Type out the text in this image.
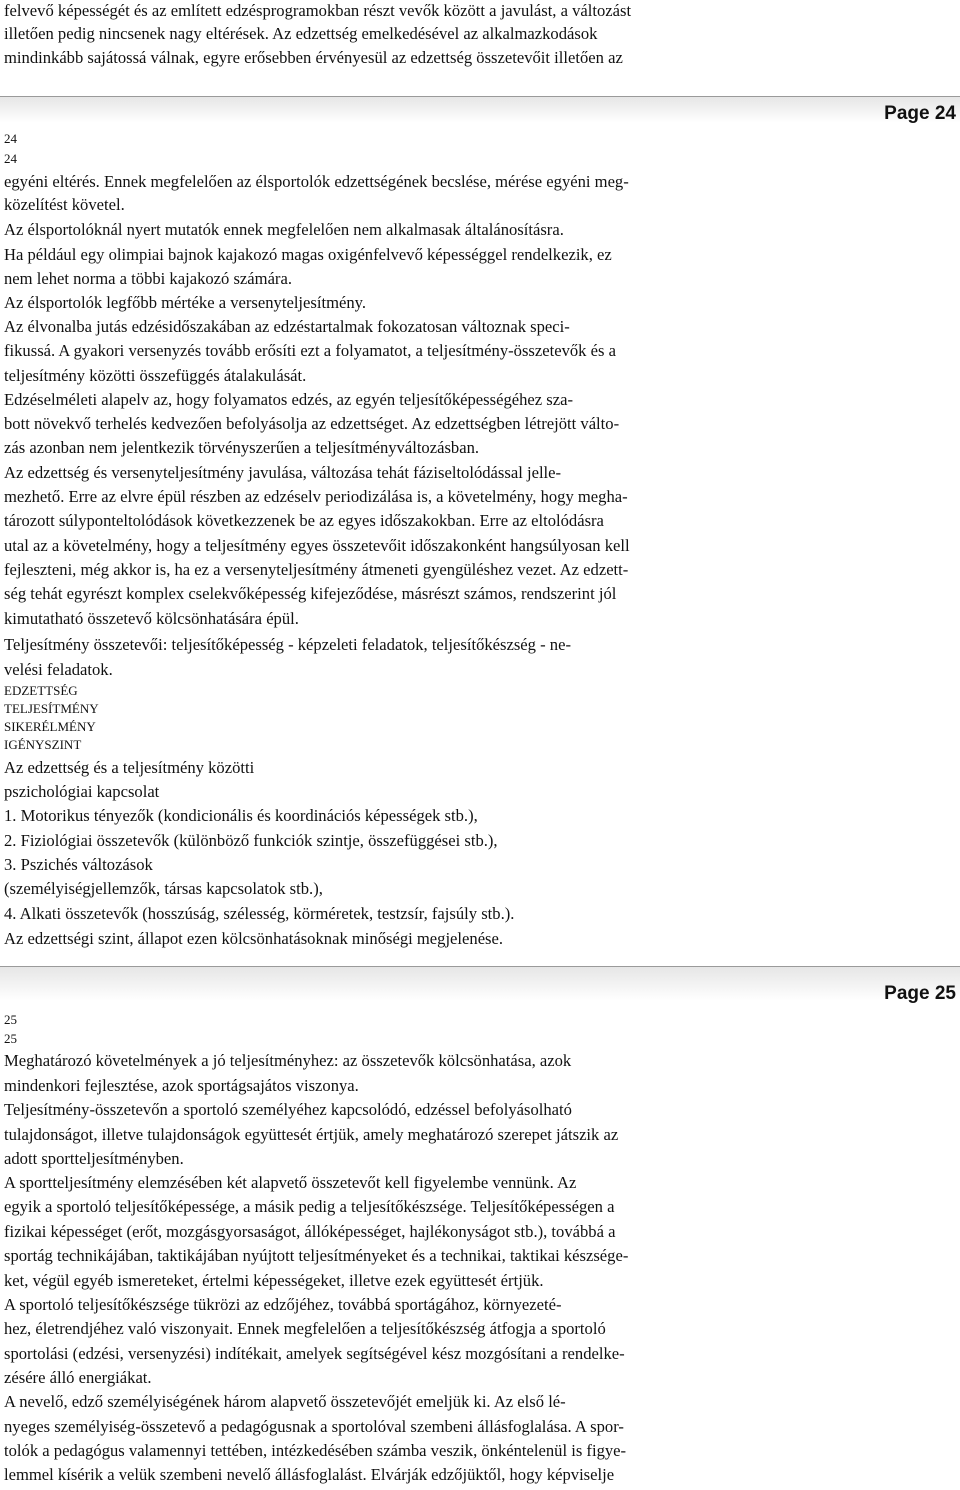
felvevő képességét és az említett edzésprogramokban részt vevők között a javulást, a változást

illetően pedig nincsenek nagy eltérések. Az edzettség emelkedésével az alkalmazkodások

mindinkább sajátossá válnak, egyre erősebben érvényesül az edzettség összetevőit illetően az

Page 24

24

24

egyéni eltérés. Ennek megfelelően az élsportolók edzettségének becslése, mérése egyéni meg-

közelítést követel.

Az élsportolóknál nyert mutatók ennek megfelelően nem alkalmasak általánosításra.

Ha például egy olimpiai bajnok kajakozó magas oxigénfelvevő képességgel rendelkezik, ez

nem lehet norma a többi kajakozó számára.

Az élsportolók legfőbb mértéke a versenyteljesítmény.

Az élvonalba jutás edzésidőszakában az edzéstartalmak fokozatosan változnak speci-

fikussá. A gyakori versenyzés tovább erősíti ezt a folyamatot, a teljesítmény-összetevők és a

teljesítmény közötti összefüggés átalakulását.

Edzéselméleti alapelv az, hogy folyamatos edzés, az egyén teljesítőképességéhez sza-

bott növekvő terhelés kedvezően befolyásolja az edzettséget. Az edzettségben létrejött válto-

zás azonban nem jelentkezik törvényszerűen a teljesítményváltozásban.

Az edzettség és versenyteljesítmény javulása, változása tehát fáziseltolódással jelle-

mezhető. Erre az elvre épül részben az edzéselv periodizálása is, a követelmény, hogy megha-

tározott súlyponteltolódások következzenek be az egyes időszakokban. Erre az eltolódásra

utal az a követelmény, hogy a teljesítmény egyes összetevőit időszakonként hangsúlyosan kell

fejleszteni, még akkor is, ha ez a versenyteljesítmény átmeneti gyengüléshez vezet. Az edzett-

ség tehát egyrészt komplex cselekvőképesség kifejeződése, másrészt számos, rendszerint jól

kimutatható összetevő kölcsönhatására épül.

Teljesítmény összetevői: teljesítőképesség - képzeleti feladatok, teljesítőkészség - ne-

velési feladatok.

EDZETTSÉG

TELJESÍTMÉNY

SIKERÉLMÉNY

IGÉNYSZINT

Az edzettség és a teljesítmény közötti

pszichológiai kapcsolat

1. Motorikus tényezők (kondicionális és koordinációs képességek stb.),

2. Fiziológiai összetevők (különböző funkciók szintje, összefüggései stb.),

3. Pszichés változások

(személyiségjellemzők, társas kapcsolatok stb.),

4. Alkati összetevők (hosszúság, szélesség, körméretek, testzsír, fajsúly stb.).

Az edzettségi szint, állapot ezen kölcsönhatásoknak minőségi megjelenése.

Page 25

25

25

Meghatározó követelmények a jó teljesítményhez: az összetevők kölcsönhatása, azok

mindenkori fejlesztése, azok sportágsajátos viszonya.

Teljesítmény-összetevőn a sportoló személyéhez kapcsolódó, edzéssel befolyásolható

tulajdonságot, illetve tulajdonságok együttesét értjük, amely meghatározó szerepet játszik az

adott sportteljesítményben.

A sportteljesítmény elemzésében két alapvető összetevőt kell figyelembe vennünk. Az

egyik a sportoló teljesítőképessége, a másik pedig a teljesítőkészsége. Teljesítőképességen a

fizikai képességet (erőt, mozgásgyorsaságot, állóképességet, hajlékonyságot stb.), továbbá a

sportág technikájában, taktikájában nyújtott teljesítményeket és a technikai, taktikai készsége-

ket, végül egyéb ismereteket, értelmi képességeket, illetve ezek együttesét értjük.

A sportoló teljesítőkészsége tükrözi az edzőjéhez, továbbá sportágához, környezeté-

hez, életrendjéhez való viszonyait. Ennek megfelelően a teljesítőkészség átfogja a sportoló

sportolási (edzési, versenyzési) indítékait, amelyek segítségével kész mozgósítani a rendelke-

zésére álló energiákat.

A nevelő, edző személyiségének három alapvető összetevőjét emeljük ki. Az első lé-

nyeges személyiség-összetevő a pedagógusnak a sportolóval szembeni állásfoglalása. A spor-

tolók a pedagógus valamennyi tettében, intézkedésében számba veszik, önkéntelenül is figye-

lemmel kísérik a velük szembeni nevelő állásfoglalást. Elvárják edzőjüktől, hogy képviselje
